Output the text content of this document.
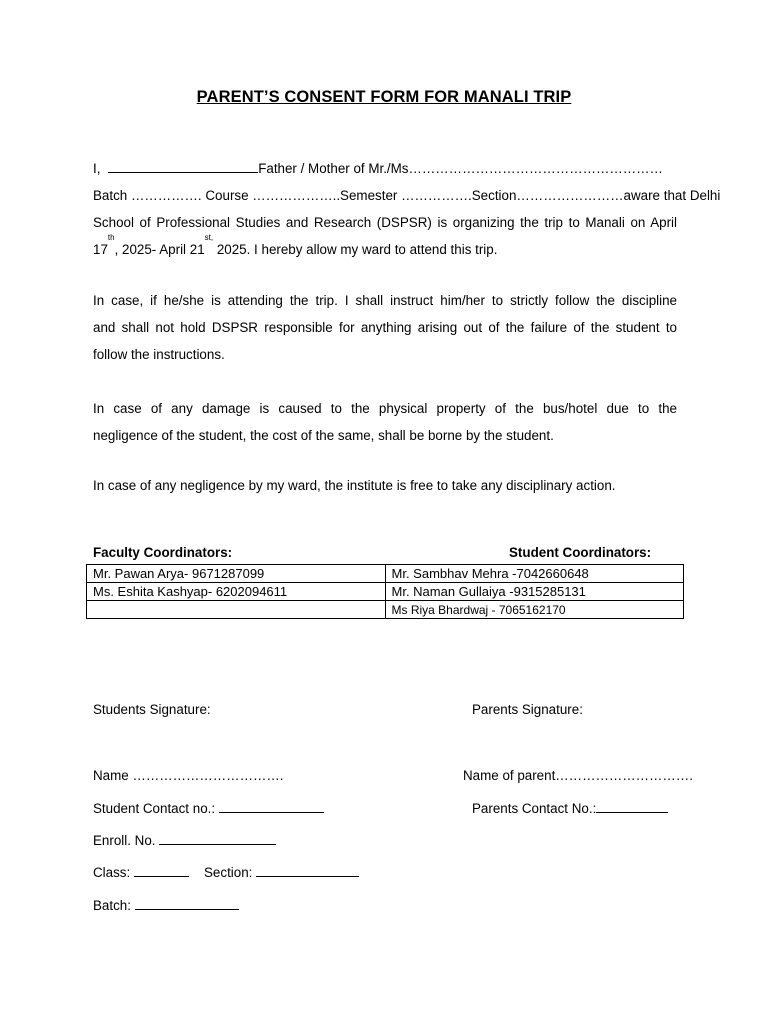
PARENT’S CONSENT FORM FOR MANALI TRIP
I,	Father / Mother of Mr./Ms…………………………………………………
Batch ……………. Course ………………..Semester …………….Section……………………aware that Delhi
School of Professional Studies and Research (DSPSR) is organizing the trip to Manali on April
17th, 2025- April $21^{st,}$ 2025. I hereby allow my ward to attend this trip.
In case, if he/she is attending the trip. I shall instruct him/her to strictly follow the discipline
and shall not hold DSPSR responsible for anything arising out of the failure of the student to
follow the instructions.
In case of any damage is caused to the physical property of the bus/hotel due to the
negligence of the student, the cost of the same, shall be borne by the student.
In case of any negligence by my ward, the institute is free to take any disciplinary action.
Faculty Coordinators:	Student Coordinators:
Mr. Pawan Arya- 9671287099	Mr. Sambhav Mehra -7042660648
Ms. Eshita Kashyap- 6202094611	Mr. Naman Gullaiya -9315285131
	Ms Riya Bhardwaj - 7065162170
Students Signature:	Parents Signature:
Name …………………………….	Name of parent………………………….
Student Contact no.:	Parents Contact No.:
Enroll. No.
Class:	Section:
Batch:
